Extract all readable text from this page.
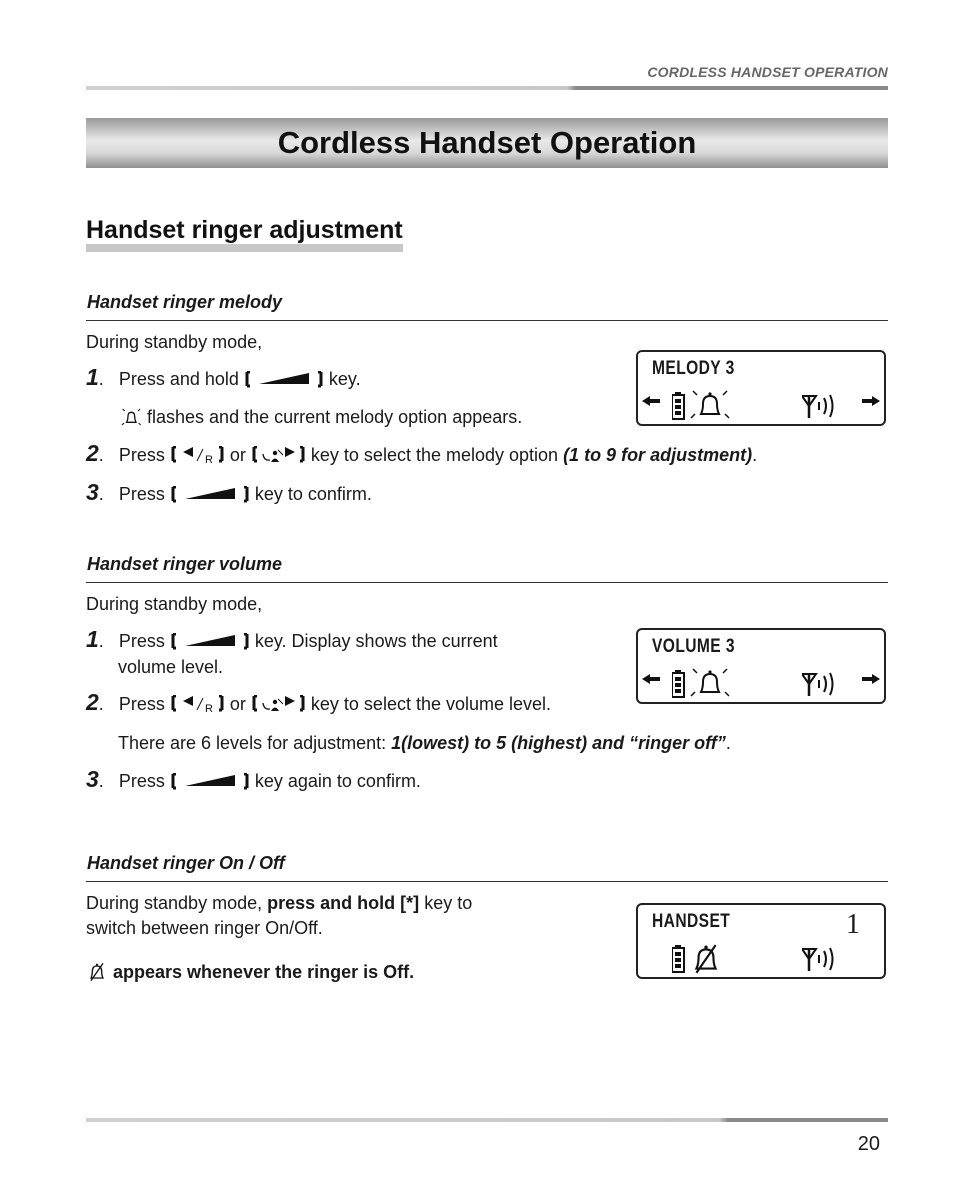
CORDLESS HANDSET OPERATION
Cordless Handset Operation
Handset ringer adjustment
Handset ringer melody
During standby mode,
1.   Press and hold	key.
flashes and the current melody option appears.
2.   Press	or	key to select the melody option (1 to 9 for adjustment).
3.   Press	key to confirm.
MELODY 3
Handset ringer volume
During standby mode,
1.   Press	key. Display shows the current
volume level.
2.   Press	or	key to select the volume level.
There are 6 levels for adjustment: 1(lowest) to 5 (highest) and “ringer off”.
3.   Press	key again to confirm.
VOLUME 3
Handset ringer On / Off
During standby mode, press and hold [*] key to
switch between ringer On/Off.
appears whenever the ringer is Off.
HANDSET	1
20
